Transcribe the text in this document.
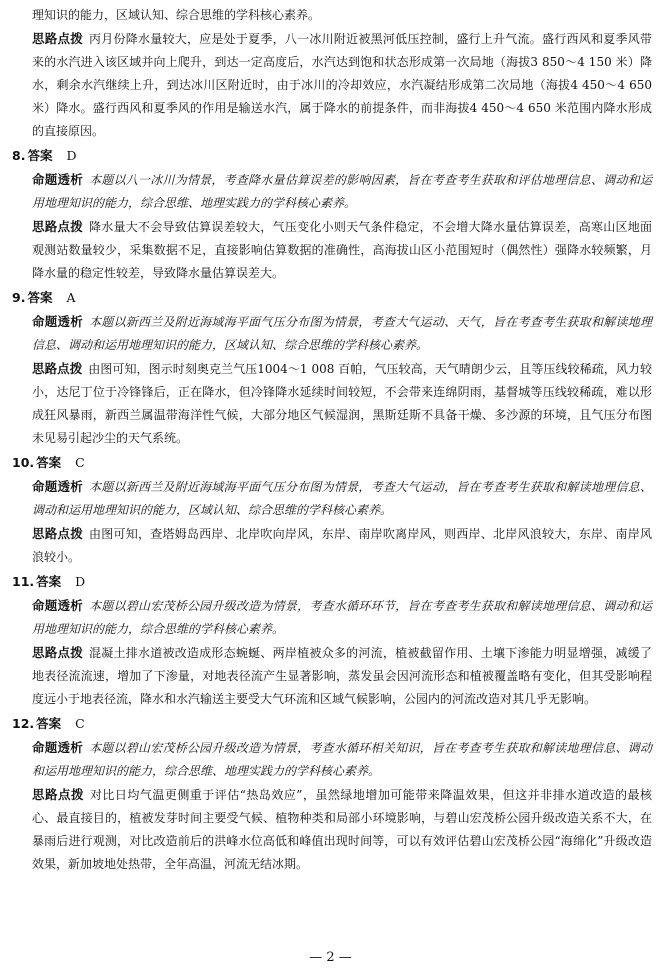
理知识的能力，区域认知、综合思维的学科核心素养。

思路点拨 丙月份降水量较大，应是处于夏季，八一冰川附近被黑河低压控制，盛行上升气流。盛行西风和夏季风带来的水汽进入该区域并向上爬升，到达一定高度后，水汽达到饱和状态形成第一次局地（海拔3 850～4 150 米）降水，剩余水汽继续上升，到达冰川区附近时，由于冰川的冷却效应，水汽凝结形成第二次局地（海拔4 450～4 650 米）降水。盛行西风和夏季风的作用是输送水汽，属于降水的前提条件，而非海拔4 450～4 650 米范围内降水形成的直接原因。

8. 答案 D

命题透析 本题以八一冰川为情景，考查降水量估算误差的影响因素，旨在考查考生获取和评估地理信息、调动和运用地理知识的能力，综合思维、地理实践力的学科核心素养。

思路点拨 降水量大不会导致估算误差较大，气压变化小则天气条件稳定，不会增大降水量估算误差，高寒山区地面观测站数量较少，采集数据不足，直接影响估算数据的准确性，高海拔山区小范围短时（偶然性）强降水较频繁，月降水量的稳定性较差，导致降水量估算误差大。

9. 答案 A

命题透析 本题以新西兰及附近海域海平面气压分布图为情景，考查大气运动、天气，旨在考查考生获取和解读地理信息、调动和运用地理知识的能力，区域认知、综合思维的学科核心素养。

思路点拨 由图可知，图示时刻奥克兰气压1004～1 008 百帕，气压较高，天气晴朗少云，且等压线较稀疏，风力较小，达尼丁位于冷锋锋后，正在降水，但冷锋降水延续时间较短，不会带来连绵阴雨，基督城等压线较稀疏，难以形成狂风暴雨，新西兰属温带海洋性气候，大部分地区气候湿润，黑斯廷斯不具备干燥、多沙源的环境，且气压分布图未见易引起沙尘的天气系统。

10. 答案 C

命题透析 本题以新西兰及附近海域海平面气压分布图为情景，考查大气运动，旨在考查考生获取和解读地理信息、调动和运用地理知识的能力，区域认知、综合思维的学科核心素养。

思路点拨 由图可知，查塔姆岛西岸、北岸吹向岸风，东岸、南岸吹离岸风，则西岸、北岸风浪较大，东岸、南岸风浪较小。

11. 答案 D

命题透析 本题以碧山宏茂桥公园升级改造为情景，考查水循环环节，旨在考查考生获取和解读地理信息、调动和运用地理知识的能力，综合思维的学科核心素养。

思路点拨 混凝土排水道被改造成形态蜿蜒、两岸植被众多的河流，植被截留作用、土壤下渗能力明显增强，减缓了地表径流流速，增加了下渗量，对地表径流产生显著影响，蒸发虽会因河流形态和植被覆盖略有变化，但其受影响程度远小于地表径流，降水和水汽输送主要受大气环流和区域气候影响，公园内的河流改造对其几乎无影响。

12. 答案 C

命题透析 本题以碧山宏茂桥公园升级改造为情景，考查水循环相关知识，旨在考查考生获取和解读地理信息、调动和运用地理知识的能力，综合思维、地理实践力的学科核心素养。

思路点拨 对比日均气温更侧重于评估“热岛效应”，虽然绿地增加可能带来降温效果，但这并非排水道改造的最核心、最直接目的，植被发芽时间主要受气候、植物种类和局部小环境影响，与碧山宏茂桥公园升级改造关系不大，在暴雨后进行观测，对比改造前后的洪峰水位高低和峰值出现时间等，可以有效评估碧山宏茂桥公园“海绵化”升级改造效果，新加坡地处热带，全年高温，河流无结冰期。

— 2 —
